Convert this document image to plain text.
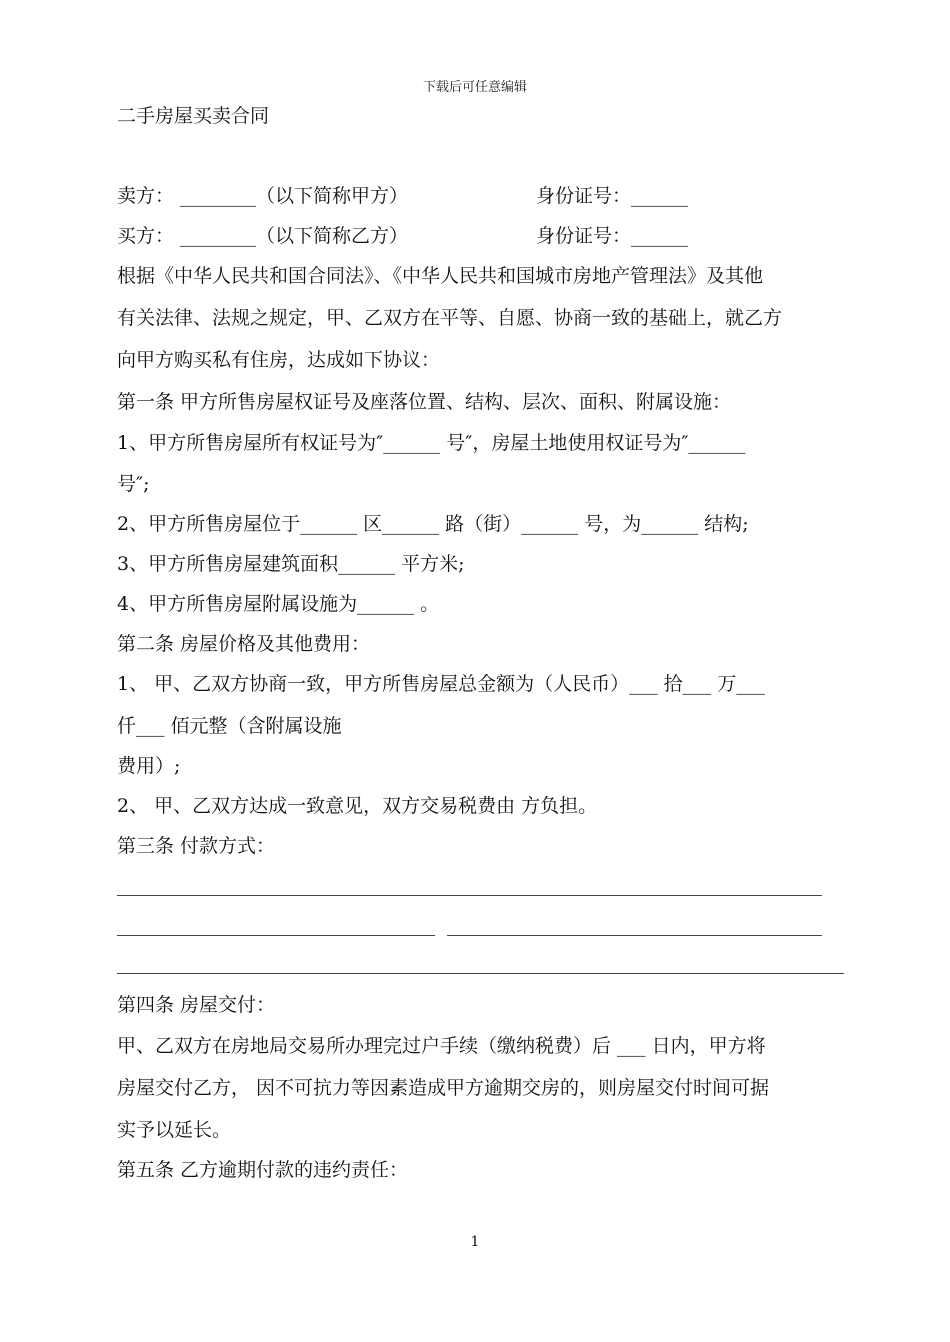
下载后可任意编辑
二手房屋买卖合同
卖方： ________（以下简称甲方）	身份证号：______
买方： ________（以下简称乙方）	身份证号：______
根据《中华人民共和国合同法》、《中华人民共和国城市房地产管理法》及其他
有关法律、法规之规定，甲、乙双方在平等、自愿、协商一致的基础上，就乙方
向甲方购买私有住房，达成如下协议：
第一条 甲方所售房屋权证号及座落位置、结构、层次、面积、附属设施：
1、甲方所售房屋所有权证号为″______ 号″，房屋土地使用权证号为″______
号″;
2、甲方所售房屋位于______ 区______ 路（街）______ 号，为______ 结构;
3、甲方所售房屋建筑面积______ 平方米;
4、甲方所售房屋附属设施为______ 。
第二条 房屋价格及其他费用：
1、 甲、乙双方协商一致，甲方所售房屋总金额为（人民币）___ 拾___ 万___
仟___ 佰元整（含附属设施
费用）;
2、 甲、乙双方达成一致意见，双方交易税费由 方负担。
第三条 付款方式：
第四条 房屋交付：
甲、乙双方在房地局交易所办理完过户手续（缴纳税费）后 ___ 日内，甲方将
房屋交付乙方， 因不可抗力等因素造成甲方逾期交房的，则房屋交付时间可据
实予以延长。
第五条 乙方逾期付款的违约责任：
1
